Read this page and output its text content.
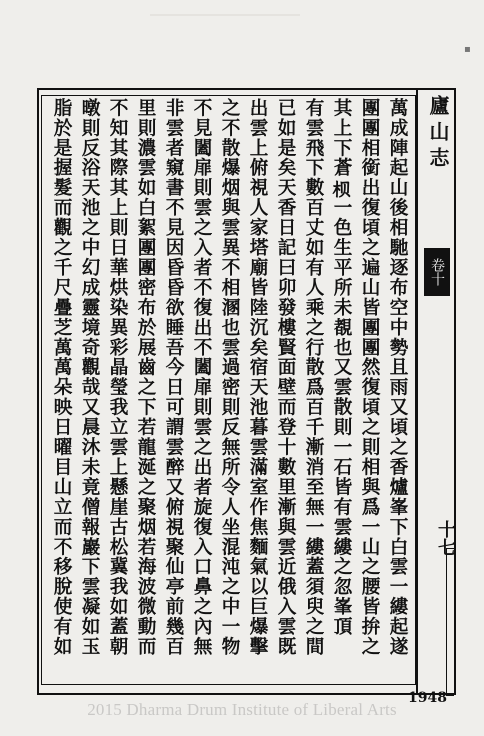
▪
廬山志
卷十
十七
萬成陣起山後相馳逐布空中勢且雨又頃之香爐峯下白雲一縷起遂
團團相銜出復頃之遍山皆團團然復頃之則相與爲一山之腰皆拚之
其上下蒼𪱷一色生平所未覩也又雲散則一石皆有雲縷之忽峯頂
有雲飛下數百丈如有人乘之行散爲百千漸消至無一縷蓋須臾之間
已如是矣天香日記曰卯發樓賢面壁而登十數里漸與雲近俄入雲既
出雲上俯視人家塔廟皆陸沉矣宿天池暮雲滿室作焦麵氣以巨爆擊
之不散爆烟與雲異不相溷也雲過密則反無所令人坐混沌之中一物
不見闔扉則雲之入者不復出不闔扉則雲之出者旋復入口鼻之內無
非雲者窺書不見因昏昏欲睡吾今日可謂雲醉又俯視聚仙亭前幾百
里則濃雲如白絮團團密布於展齒之下若龍涎之聚烟若海波微動而
不知其際其上則日華烘染異彩晶瑩我立雲上懸崖古松冀我如蓋朝
暾則反浴天池之中幻成靈境奇觀哉又晨沐未竟僧報巖下雲凝如玉
脂於是握髮而觀之千尺疊芝萬萬朵映日曜目山立而不移脫使有如
1948
2015 Dharma Drum Institute of Liberal Arts
